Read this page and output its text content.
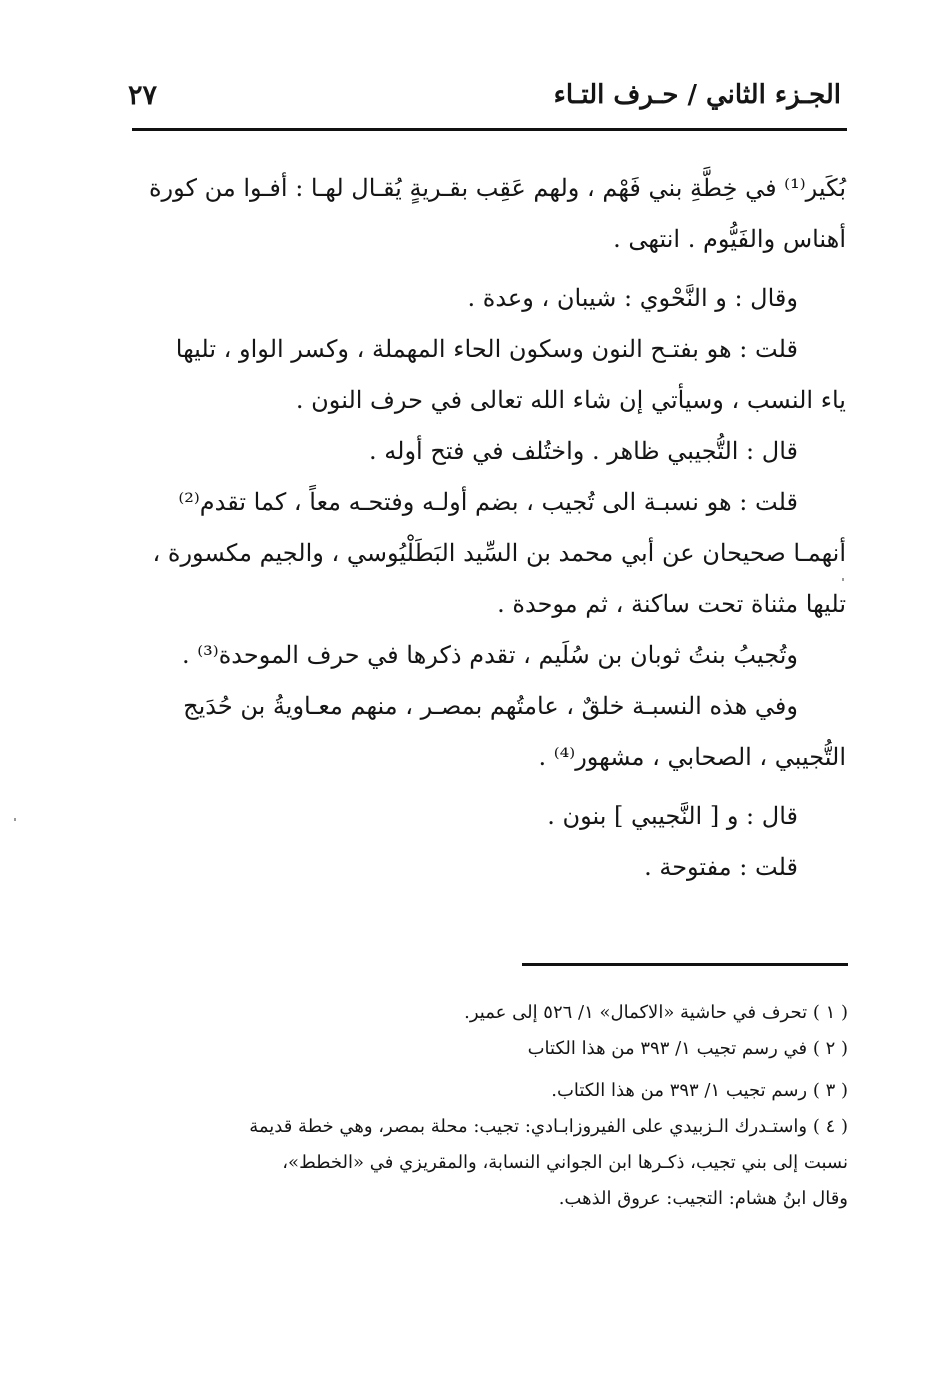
الجـزء الثاني / حـرف التـاء
٢٧

بُكَير⁽¹⁾ في خِطَّةِ بني فَهْم ، ولهم عَقِب بقـريةٍ يُقـال لهـا : أفـوا من كورة

أهناس والفَيُّوم . انتهى .

وقال : و النَّحْوي : شيبان ، وعدة .

قلت : هو بفتـح النون وسكون الحاء المهملة ، وكسر الواو ، تليها

ياء النسب ، وسيأتي إن شاء الله تعالى في حرف النون .

قال : التُّجيبي ظاهر . واختُلف في فتح أوله .

قلت : هو نسبـة الى تُجيب ، بضم أولـه وفتحـه معاً ، كما تقدم⁽²⁾

أنهمـا صحيحان عن أبي محمد بن السِّيد البَطَلْيُوسي ، والجيم مكسورة ،

تليها مثناة تحت ساكنة ، ثم موحدة .

وتُجيبُ بنتُ ثوبان بن سُلَيم ، تقدم ذكرها في حرف الموحدة⁽³⁾ .

وفي هذه النسبـة خلقٌ ، عامتُهم بمصـر ، منهم معـاويةُ بن حُدَيج

التُّجيبي ، الصحابي ، مشهور⁽⁴⁾ .

قال : و [ النَّجيبي ] بنون .

قلت : مفتوحة .

( ١ ) تحرف في حاشية «الاكمال» ١/ ٥٢٦ إلى عمير.

( ٢ ) في رسم تجيب ١/ ٣٩٣ من هذا الكتاب

( ٣ ) رسم تجيب ١/ ٣٩٣ من هذا الكتاب.

( ٤ ) واستـدرك الـزبيدي على الفيروزابـادي: تجيب: محلة بمصر، وهي خطة قديمة

نسبت إلى بني تجيب، ذكـرها ابن الجواني النسابة، والمقريزي في «الخطط»،

وقال ابنُ هشام: التجيب: عروق الذهب.
